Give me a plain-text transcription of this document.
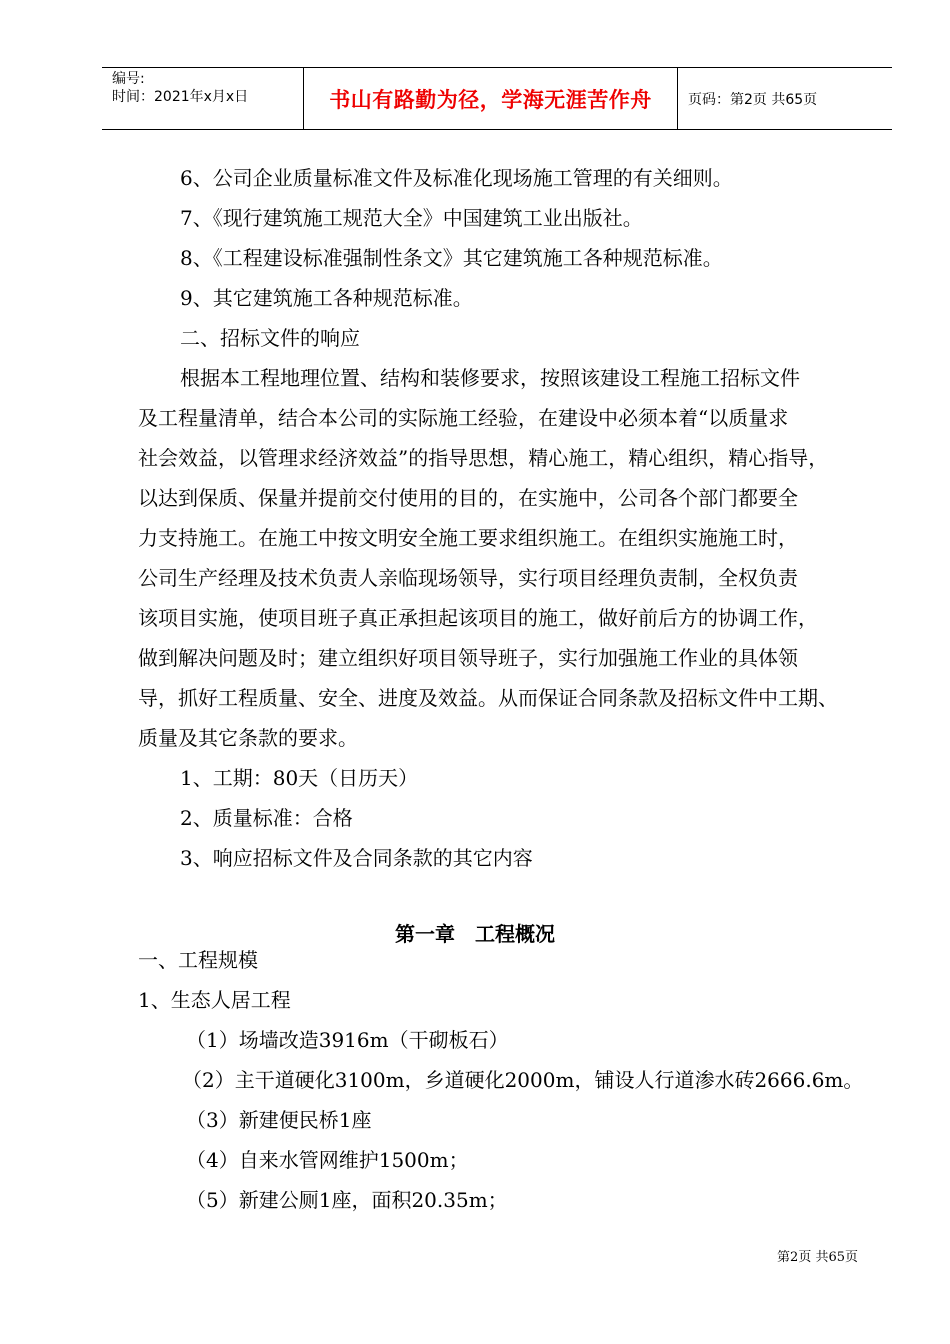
编号:
时间：2021年x月x日	书山有路勤为径，学海无涯苦作舟	页码：第2页 共65页
6、公司企业质量标准文件及标准化现场施工管理的有关细则。
7、《现行建筑施工规范大全》中国建筑工业出版社。
8、《工程建设标准强制性条文》其它建筑施工各种规范标准。
9、其它建筑施工各种规范标准。
二、招标文件的响应
根据本工程地理位置、结构和装修要求，按照该建设工程施工招标文件
及工程量清单，结合本公司的实际施工经验，在建设中必须本着“以质量求
社会效益，以管理求经济效益”的指导思想，精心施工，精心组织，精心指导，
以达到保质、保量并提前交付使用的目的，在实施中，公司各个部门都要全
力支持施工。在施工中按文明安全施工要求组织施工。在组织实施施工时，
公司生产经理及技术负责人亲临现场领导，实行项目经理负责制，全权负责
该项目实施，使项目班子真正承担起该项目的施工，做好前后方的协调工作，
做到解决问题及时；建立组织好项目领导班子，实行加强施工作业的具体领
导，抓好工程质量、安全、进度及效益。从而保证合同条款及招标文件中工期、
质量及其它条款的要求。
1、工期：80天（日历天）
2、质量标准：合格
3、响应招标文件及合同条款的其它内容
第一章　工程概况
一、工程规模
1、生态人居工程
（1）场墙改造3916m（干砌板石）
（2）主干道硬化3100m，乡道硬化2000m，铺设人行道渗水砖2666.6m。
（3）新建便民桥1座
（4）自来水管网维护1500m；
（5）新建公厕1座，面积20.35m；
第2页 共65页
